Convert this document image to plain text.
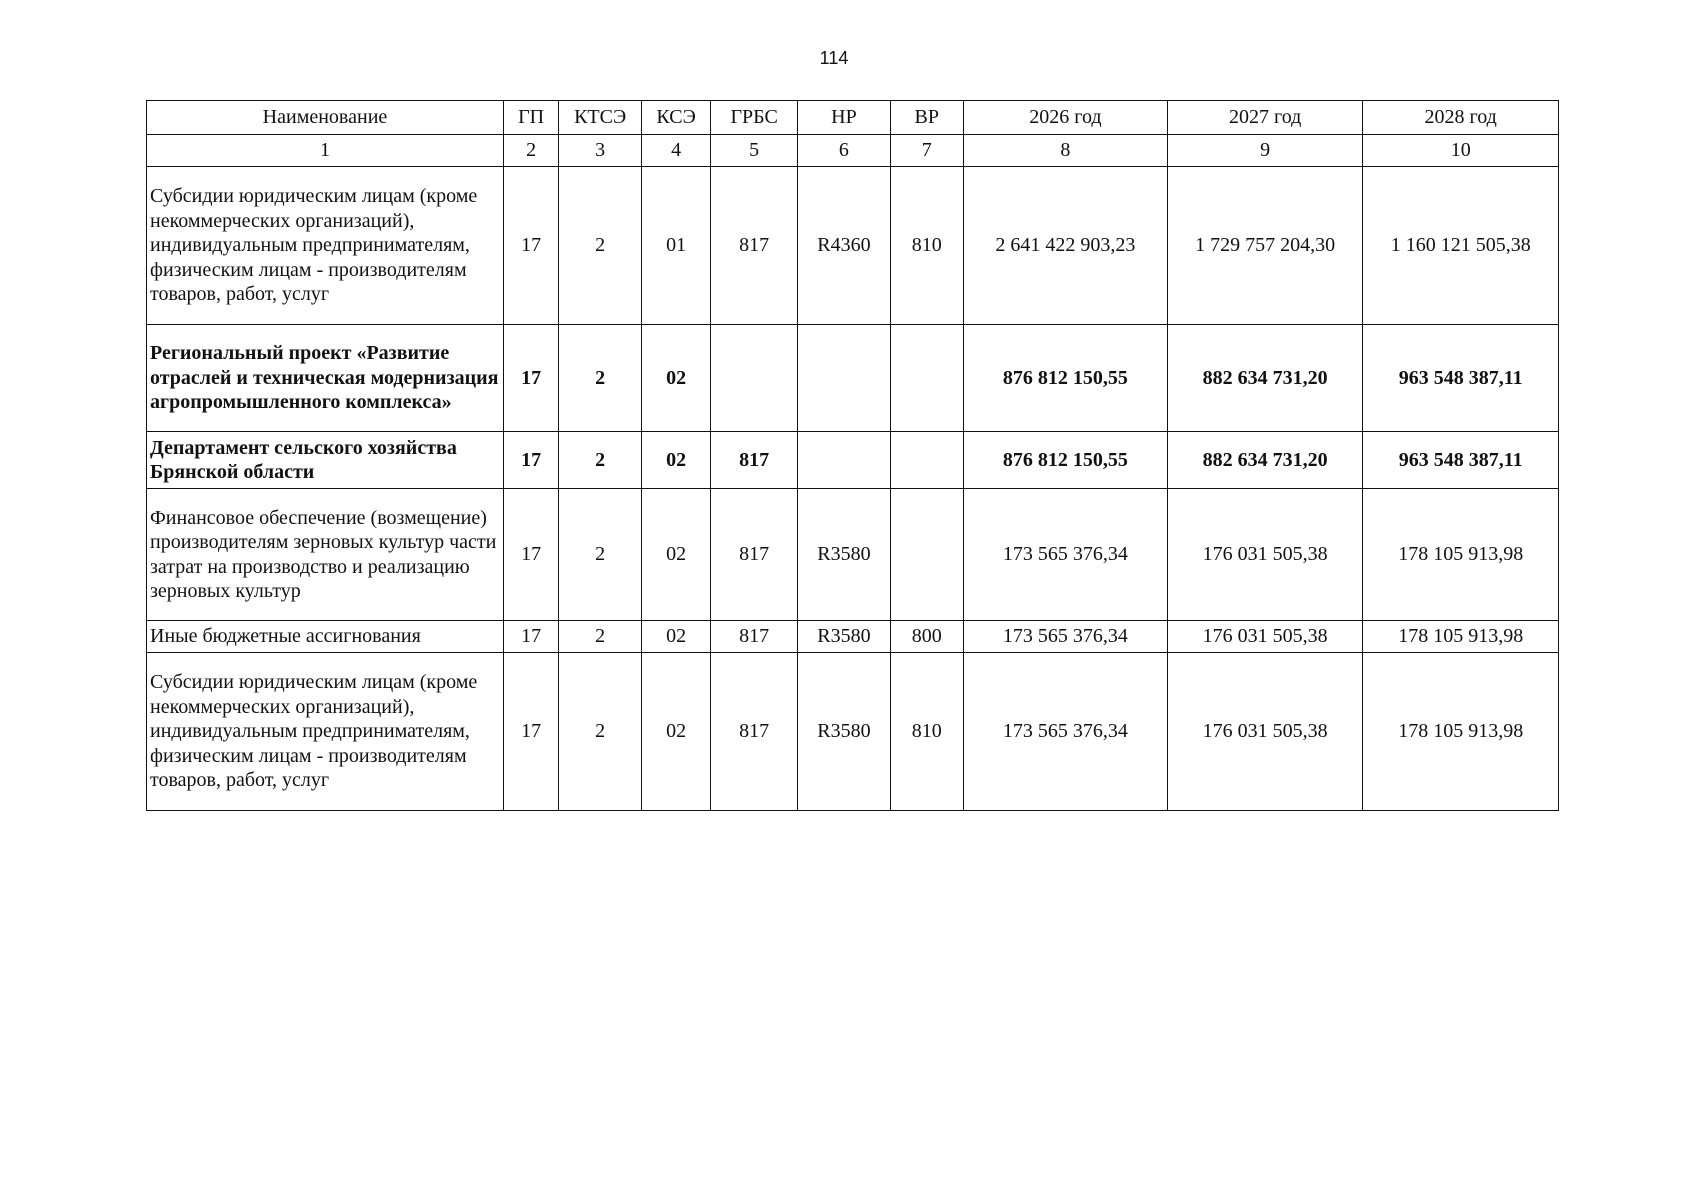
114
Наименование	ГП	КТСЭ	КСЭ	ГРБС	НР	ВР	2026 год	2027 год	2028 год
1	2	3	4	5	6	7	8	9	10
Субсидии юридическим лицам (кроме некоммерческих организаций), индивидуальным предпринимателям, физическим лицам - производителям товаров, работ, услуг	17	2	01	817	R4360	810	2 641 422 903,23	1 729 757 204,30	1 160 121 505,38
Региональный проект «Развитие отраслей и техническая модернизация агропромышленного комплекса»	17	2	02				876 812 150,55	882 634 731,20	963 548 387,11
Департамент сельского хозяйства Брянской области	17	2	02	817			876 812 150,55	882 634 731,20	963 548 387,11
Финансовое обеспечение (возмещение) производителям зерновых культур части затрат на производство и реализацию зерновых культур	17	2	02	817	R3580		173 565 376,34	176 031 505,38	178 105 913,98
Иные бюджетные ассигнования	17	2	02	817	R3580	800	173 565 376,34	176 031 505,38	178 105 913,98
Субсидии юридическим лицам (кроме некоммерческих организаций), индивидуальным предпринимателям, физическим лицам - производителям товаров, работ, услуг	17	2	02	817	R3580	810	173 565 376,34	176 031 505,38	178 105 913,98
